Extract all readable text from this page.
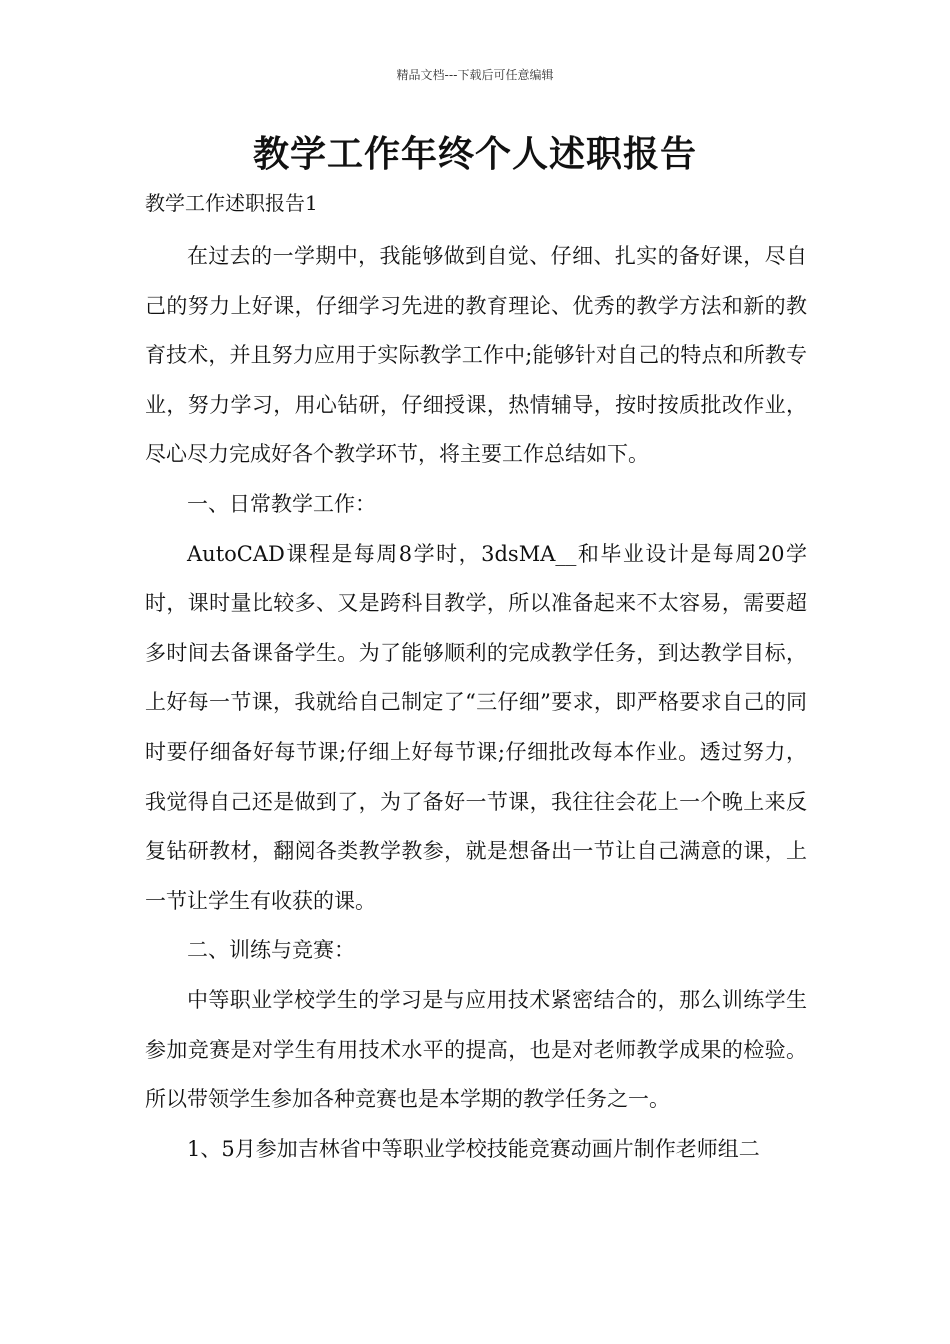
精品文档---下载后可任意编辑
教学工作年终个人述职报告
教学工作述职报告1

在过去的一学期中，我能够做到自觉、仔细、扎实的备好课，尽自己的努力上好课，仔细学习先进的教育理论、优秀的教学方法和新的教育技术，并且努力应用于实际教学工作中;能够针对自己的特点和所教专业，努力学习，用心钻研，仔细授课，热情辅导，按时按质批改作业，尽心尽力完成好各个教学环节，将主要工作总结如下。

一、日常教学工作：

AutoCAD课程是每周8学时，3dsMA__和毕业设计是每周20学时，课时量比较多、又是跨科目教学，所以准备起来不太容易，需要超多时间去备课备学生。为了能够顺利的完成教学任务，到达教学目标，上好每一节课，我就给自己制定了“三仔细”要求，即严格要求自己的同时要仔细备好每节课;仔细上好每节课;仔细批改每本作业。透过努力，我觉得自己还是做到了，为了备好一节课，我往往会花上一个晚上来反复钻研教材，翻阅各类教学教参，就是想备出一节让自己满意的课，上一节让学生有收获的课。

二、训练与竞赛：

中等职业学校学生的学习是与应用技术紧密结合的，那么训练学生参加竞赛是对学生有用技术水平的提高，也是对老师教学成果的检验。所以带领学生参加各种竞赛也是本学期的教学任务之一。

1、5月参加吉林省中等职业学校技能竞赛动画片制作老师组二
